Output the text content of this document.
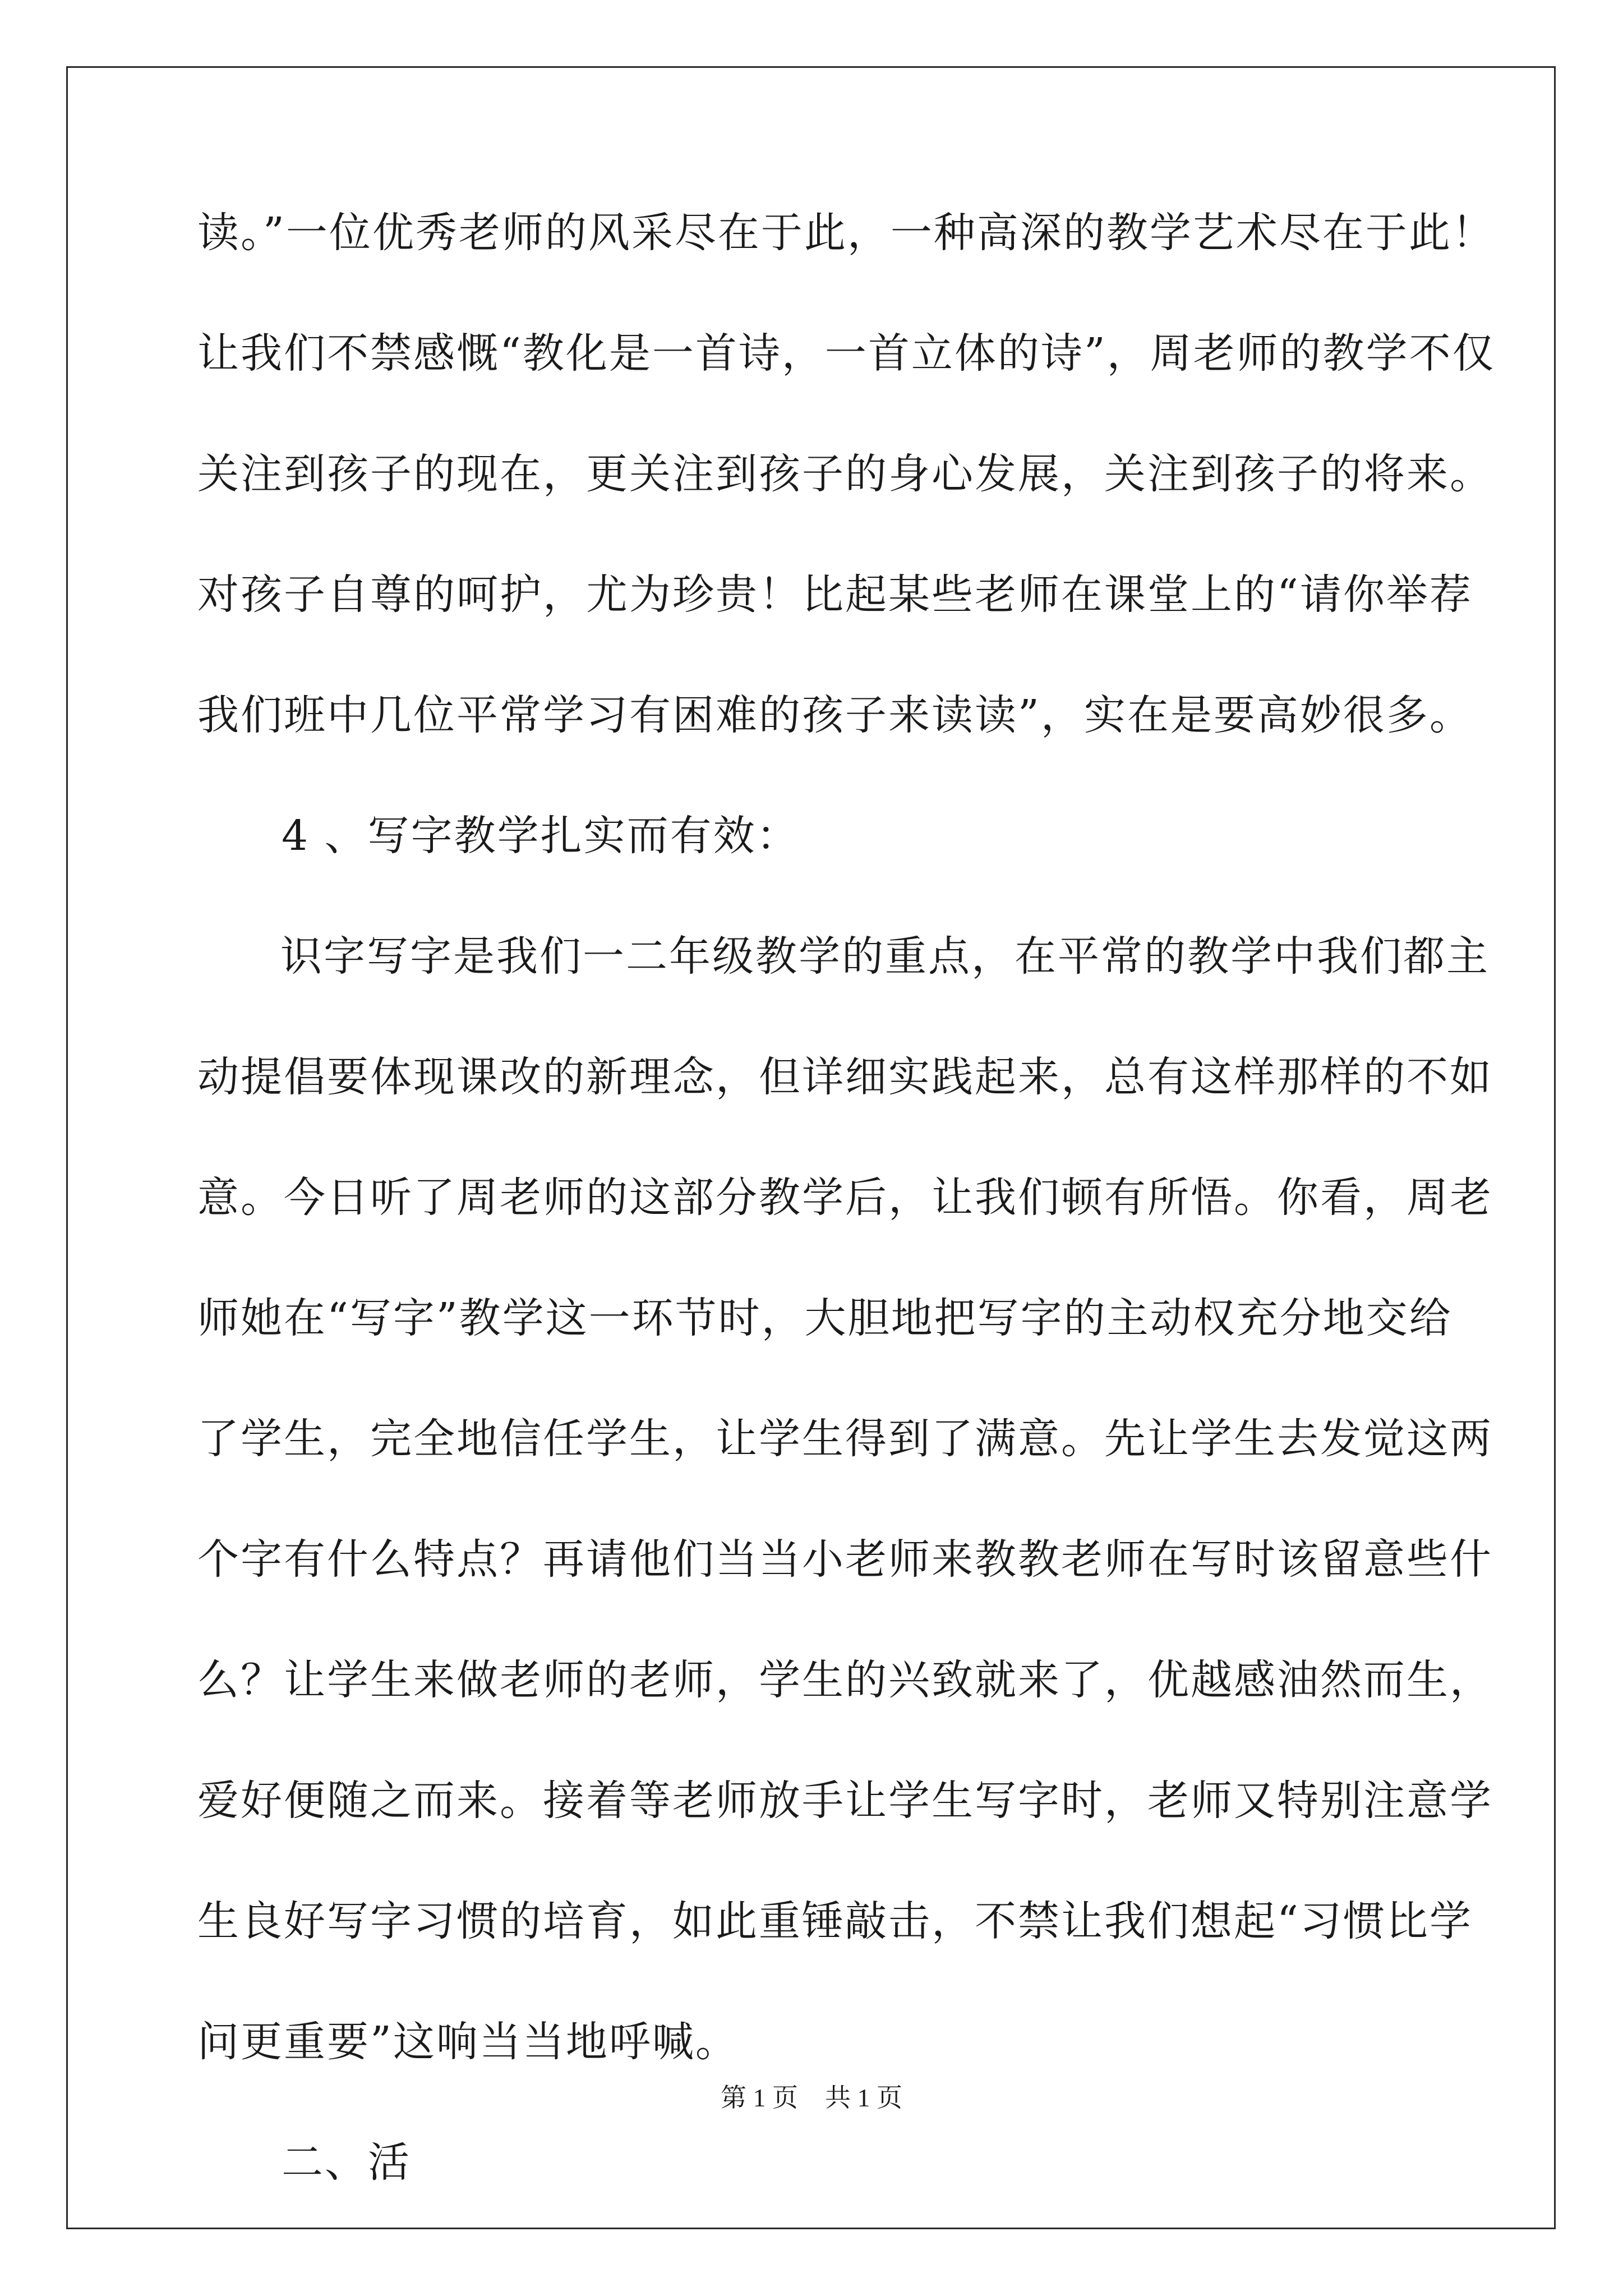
读。”一位优秀老师的风采尽在于此，一种高深的教学艺术尽在于此！
让我们不禁感慨“教化是一首诗，一首立体的诗”，周老师的教学不仅
关注到孩子的现在，更关注到孩子的身心发展，关注到孩子的将来。
对孩子自尊的呵护，尤为珍贵！比起某些老师在课堂上的“请你举荐
我们班中几位平常学习有困难的孩子来读读”，实在是要高妙很多。
4 、写字教学扎实而有效：
识字写字是我们一二年级教学的重点，在平常的教学中我们都主
动提倡要体现课改的新理念，但详细实践起来，总有这样那样的不如
意。今日听了周老师的这部分教学后，让我们顿有所悟。你看，周老
师她在“写字”教学这一环节时，大胆地把写字的主动权充分地交给
了学生，完全地信任学生，让学生得到了满意。先让学生去发觉这两
个字有什么特点？再请他们当当小老师来教教老师在写时该留意些什
么？让学生来做老师的老师，学生的兴致就来了，优越感油然而生，
爱好便随之而来。接着等老师放手让学生写字时，老师又特别注意学
生良好写字习惯的培育，如此重锤敲击，不禁让我们想起“习惯比学
问更重要”这响当当地呼喊。
二、活
第 1 页 共 1 页
